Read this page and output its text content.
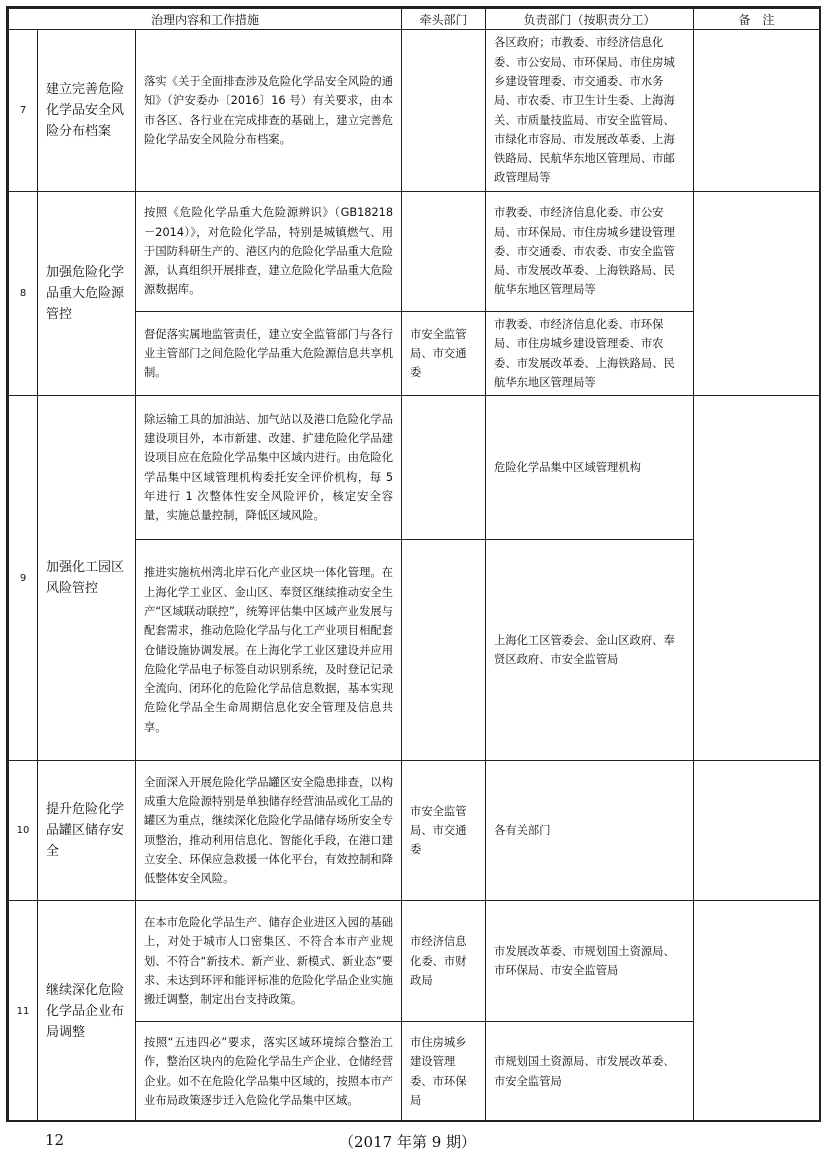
治理内容和工作措施			牵头部门	负责部门（按职责分工）	备　注
7	建立完善危险化学品安全风险分布档案	落实《关于全面排查涉及危险化学品安全风险的通知》（沪安委办〔2016〕16 号）有关要求，由本市各区、各行业在完成排查的基础上，建立完善危险化学品安全风险分布档案。		各区政府；市教委、市经济信息化委、市公安局、市环保局、市住房城乡建设管理委、市交通委、市水务局、市农委、市卫生计生委、上海海关、市质量技监局、市安全监管局、市绿化市容局、市发展改革委、上海铁路局、民航华东地区管理局、市邮政管理局等	
8	加强危险化学品重大危险源管控	按照《危险化学品重大危险源辨识》（GB18218－2014）》，对危险化学品，特别是城镇燃气、用于国防科研生产的、港区内的危险化学品重大危险源，认真组织开展排查，建立危险化学品重大危险源数据库。		市教委、市经济信息化委、市公安局、市环保局、市住房城乡建设管理委、市交通委、市农委、市安全监管局、市发展改革委、上海铁路局、民航华东地区管理局等	
		督促落实属地监管责任，建立安全监管部门与各行业主管部门之间危险化学品重大危险源信息共享机制。	市安全监管局、市交通委	市教委、市经济信息化委、市环保局、市住房城乡建设管理委、市农委、市发展改革委、上海铁路局、民航华东地区管理局等	
9	加强化工园区风险管控	除运输工具的加油站、加气站以及港口危险化学品建设项目外，本市新建、改建、扩建危险化学品建设项目应在危险化学品集中区域内进行。由危险化学品集中区域管理机构委托安全评价机构，每 5 年进行 1 次整体性安全风险评价，核定安全容量，实施总量控制，降低区域风险。		危险化学品集中区域管理机构	
		推进实施杭州湾北岸石化产业区块一体化管理。在上海化学工业区、金山区、奉贤区继续推动安全生产“区域联动联控”，统筹评估集中区域产业发展与配套需求，推动危险化学品与化工产业项目相配套仓储设施协调发展。在上海化学工业区建设并应用危险化学品电子标签自动识别系统，及时登记记录全流向、闭环化的危险化学品信息数据，基本实现危险化学品全生命周期信息化安全管理及信息共享。		上海化工区管委会、金山区政府、奉贤区政府、市安全监管局	
10	提升危险化学品罐区储存安全	全面深入开展危险化学品罐区安全隐患排查，以构成重大危险源特别是单独储存经营油品或化工品的罐区为重点，继续深化危险化学品储存场所安全专项整治，推动利用信息化、智能化手段，在港口建立安全、环保应急救援一体化平台，有效控制和降低整体安全风险。	市安全监管局、市交通委	各有关部门	
11	继续深化危险化学品企业布局调整	在本市危险化学品生产、储存企业进区入园的基础上，对处于城市人口密集区、不符合本市产业规划、不符合“新技术、新产业、新模式、新业态”要求、未达到环评和能评标准的危险化学品企业实施搬迁调整，制定出台支持政策。	市经济信息化委、市财政局	市发展改革委、市规划国土资源局、市环保局、市安全监管局	
		按照“五违四必”要求，落实区域环境综合整治工作，整治区块内的危险化学品生产企业、仓储经营企业。如不在危险化学品集中区域的，按照本市产业布局政策逐步迁入危险化学品集中区域。	市住房城乡建设管理委、市环保局	市规划国土资源局、市发展改革委、市安全监管局	
12	（2017 年第 9 期）
